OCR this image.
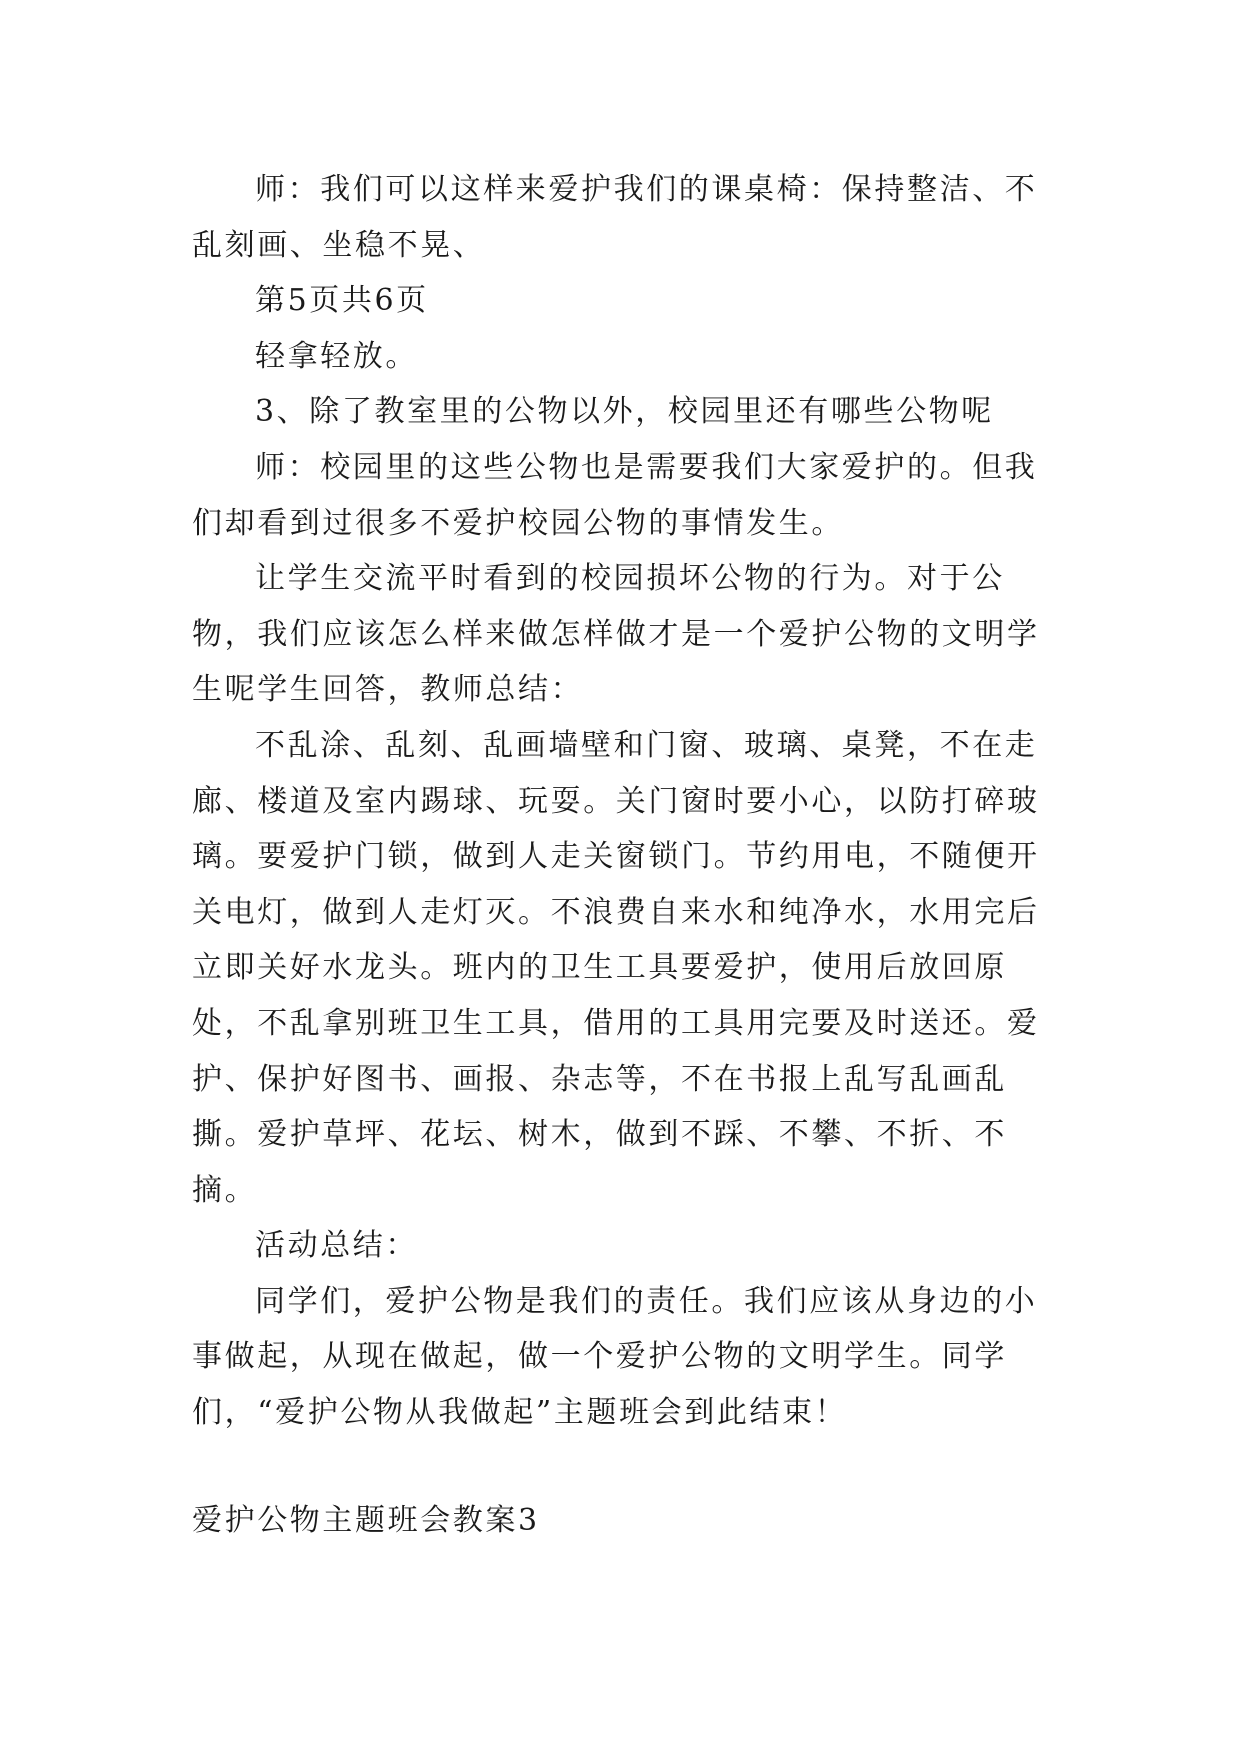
师：我们可以这样来爱护我们的课桌椅：保持整洁、不乱刻画、坐稳不晃、

第5页共6页

轻拿轻放。

3、除了教室里的公物以外，校园里还有哪些公物呢

师：校园里的这些公物也是需要我们大家爱护的。但我们却看到过很多不爱护校园公物的事情发生。

让学生交流平时看到的校园损坏公物的行为。对于公物，我们应该怎么样来做怎样做才是一个爱护公物的文明学生呢学生回答，教师总结：

不乱涂、乱刻、乱画墙壁和门窗、玻璃、桌凳，不在走廊、楼道及室内踢球、玩耍。关门窗时要小心，以防打碎玻璃。要爱护门锁，做到人走关窗锁门。节约用电，不随便开关电灯，做到人走灯灭。不浪费自来水和纯净水，水用完后立即关好水龙头。班内的卫生工具要爱护，使用后放回原处，不乱拿别班卫生工具，借用的工具用完要及时送还。爱护、保护好图书、画报、杂志等，不在书报上乱写乱画乱撕。爱护草坪、花坛、树木，做到不踩、不攀、不折、不摘。

活动总结：

同学们，爱护公物是我们的责任。我们应该从身边的小事做起，从现在做起，做一个爱护公物的文明学生。同学们，“爱护公物从我做起”主题班会到此结束！

爱护公物主题班会教案3
